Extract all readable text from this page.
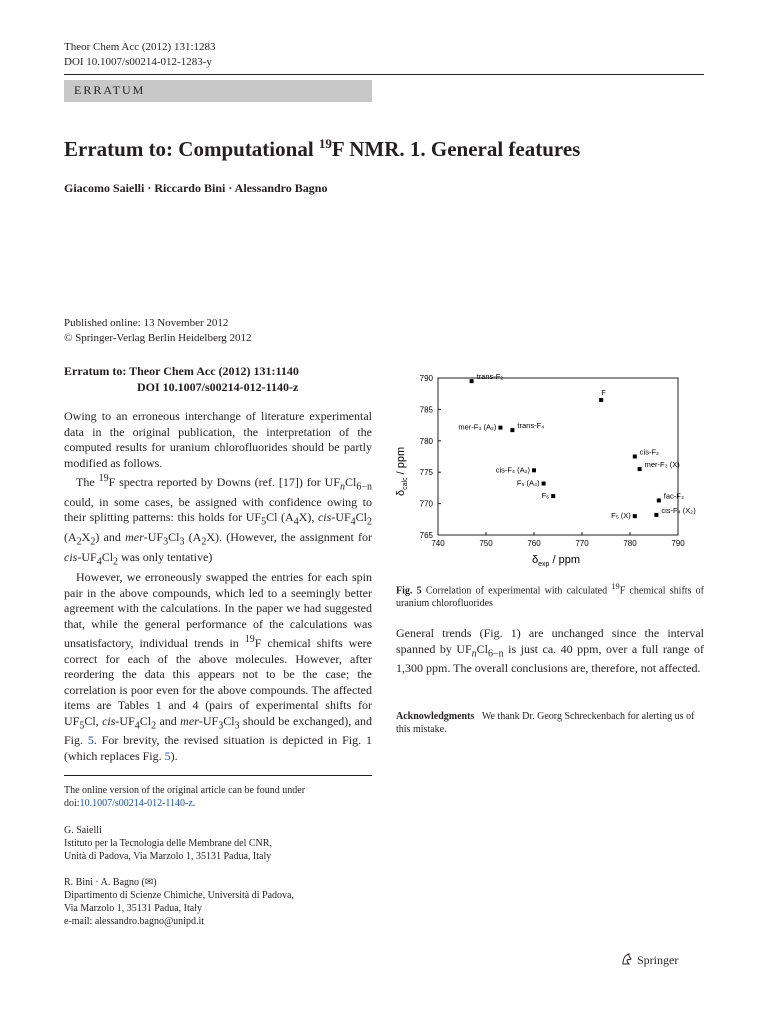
Theor Chem Acc (2012) 131:1283
DOI 10.1007/s00214-012-1283-y
ERRATUM
Erratum to: Computational $^{19}$F NMR. 1. General features
Giacomo Saielli · Riccardo Bini · Alessandro Bagno
Published online: 13 November 2012
© Springer-Verlag Berlin Heidelberg 2012
Erratum to: Theor Chem Acc (2012) 131:1140
DOI 10.1007/s00214-012-1140-z

Owing to an erroneous interchange of literature experimental data in the original publication, the interpretation of the computed results for uranium chlorofluorides should be partly modified as follows.

The $^{19}$F spectra reported by Downs (ref. [17]) for $UF_nCl_{6-n}$ could, in some cases, be assigned with confidence owing to their splitting patterns: this holds for $UF_5Cl$ $(A_4X)$, cis-$UF_4Cl_2$ $(A_2X_2)$ and mer-$UF_3Cl_3$ $(A_2X)$. (However, the assignment for cis-$UF_4Cl_2$ was only tentative)

However, we erroneously swapped the entries for each spin pair in the above compounds, which led to a seemingly better agreement with the calculations. In the paper we had suggested that, while the general performance of the calculations was unsatisfactory, individual trends in $^{19}$F chemical shifts were correct for each of the above molecules. However, after reordering the data this appears not to be the case; the correlation is poor even for the above compounds. The affected items are Tables 1 and 4 (pairs of experimental shifts for $UF_5Cl$, cis-$UF_4Cl_2$ and mer-$UF_3Cl_3$ should be exchanged), and Fig. 5. For brevity, the revised situation is depicted in Fig. 1 (which replaces Fig. 5).

The online version of the original article can be found under doi:10.1007/s00214-012-1140-z.
G. Saielli
Istituto per la Tecnologia delle Membrane del CNR,
Unità di Padova, Via Marzolo 1, 35131 Padua, Italy
R. Bini · A. Bagno (✉)
Dipartimento di Scienze Chimiche, Università di Padova,
Via Marzolo 1, 35131 Padua, Italy
e-mail: alessandro.bagno@unipd.it
740	750	760	770	780	790
765
770
775
780
785
790	trans-F₂
F
mer-F₃ (A₂)	trans-F₄
cis-F₂
mer-F₃ (X)
cis-F₄ (A₂)
F₅ (A₄)
F₆	fac-F₃
F₅ (X)
cis-F₄ (X₂)
$\delta_{exp}$ / ppm
$\delta_{calc}$ / ppm
Fig. 5 Correlation of experimental with calculated $^{19}$F chemical shifts of uranium chlorofluorides

General trends (Fig. 1) are unchanged since the interval spanned by $UF_nCl_{6-n}$ is just ca. 40 ppm, over a full range of 1,300 ppm. The overall conclusions are, therefore, not affected.

Acknowledgments We thank Dr. Georg Schreckenbach for alerting us of this mistake.
Springer
